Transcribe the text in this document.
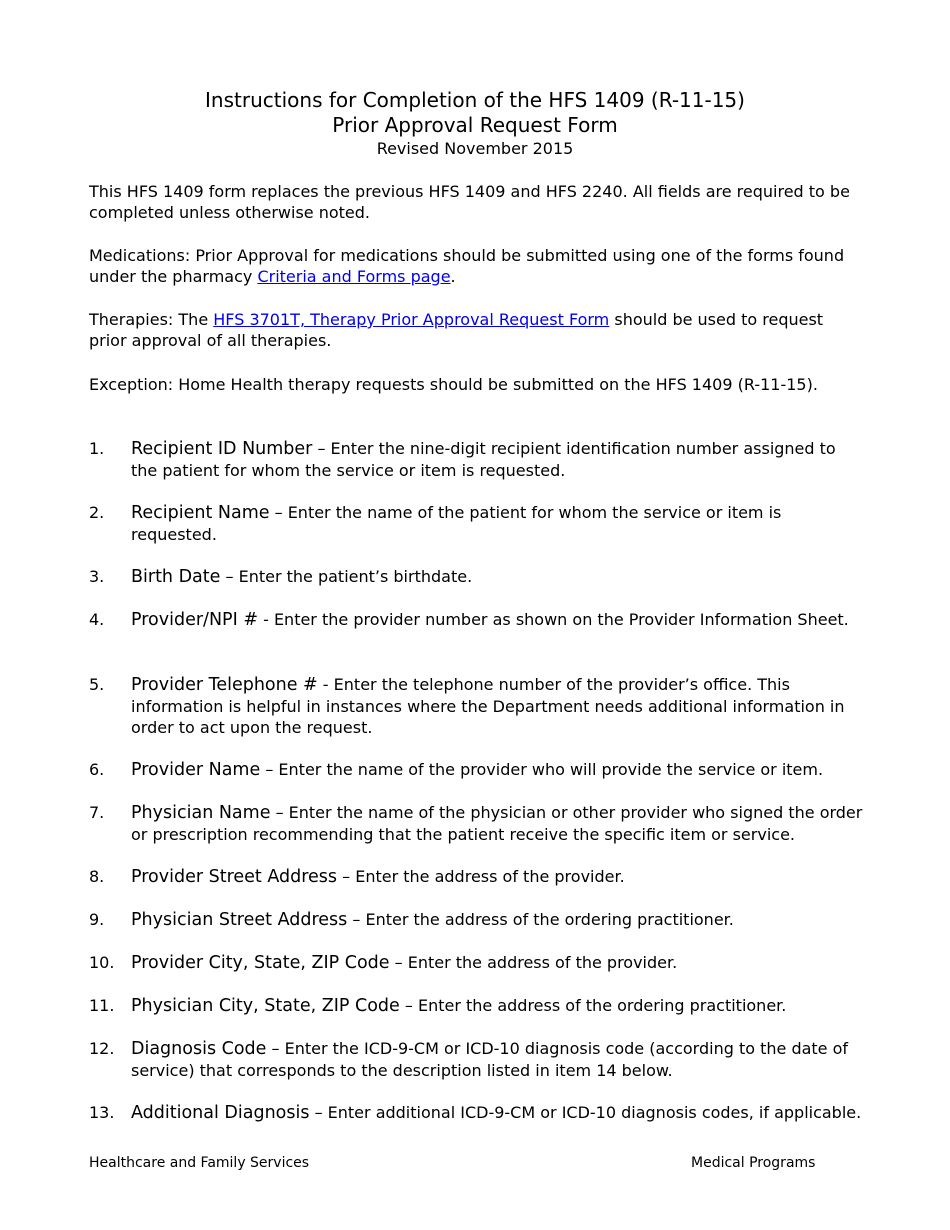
Instructions for Completion of the HFS 1409 (R-11-15)
Prior Approval Request Form
Revised November 2015

This HFS 1409 form replaces the previous HFS 1409 and HFS 2240. All fields are required to be completed unless otherwise noted.

Medications: Prior Approval for medications should be submitted using one of the forms found under the pharmacy Criteria and Forms page.

Therapies: The HFS 3701T, Therapy Prior Approval Request Form should be used to request prior approval of all therapies.

Exception: Home Health therapy requests should be submitted on the HFS 1409 (R-11-15).

1. Recipient ID Number – Enter the nine-digit recipient identification number assigned to the patient for whom the service or item is requested.
2. Recipient Name – Enter the name of the patient for whom the service or item is requested.
3. Birth Date – Enter the patient’s birthdate.
4. Provider/NPI # - Enter the provider number as shown on the Provider Information Sheet.
5. Provider Telephone # - Enter the telephone number of the provider’s office. This information is helpful in instances where the Department needs additional information in order to act upon the request.
6. Provider Name – Enter the name of the provider who will provide the service or item.
7. Physician Name – Enter the name of the physician or other provider who signed the order or prescription recommending that the patient receive the specific item or service.
8. Provider Street Address – Enter the address of the provider.
9. Physician Street Address – Enter the address of the ordering practitioner.
10. Provider City, State, ZIP Code – Enter the address of the provider.
11. Physician City, State, ZIP Code – Enter the address of the ordering practitioner.
12. Diagnosis Code – Enter the ICD-9-CM or ICD-10 diagnosis code (according to the date of service) that corresponds to the description listed in item 14 below.
13. Additional Diagnosis – Enter additional ICD-9-CM or ICD-10 diagnosis codes, if applicable.
Healthcare and Family Services	Medical Programs
